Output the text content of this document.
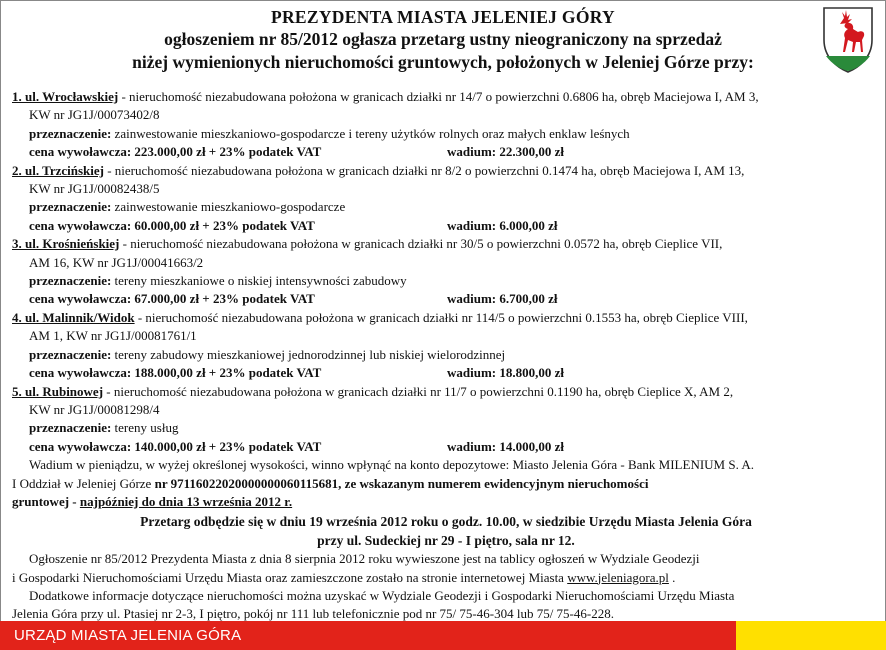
PREZYDENTA MIASTA JELENIEJ GÓRY
ogłoszeniem nr 85/2012 ogłasza przetarg ustny nieograniczony na sprzedaż
niżej wymienionych nieruchomości gruntowych, położonych w Jeleniej Górze przy:
1. ul. Wrocławskiej - nieruchomość niezabudowana położona w granicach działki nr 14/7 o powierzchni 0.6806 ha, obręb Maciejowa I, AM 3,
KW nr JG1J/00073402/8
przeznaczenie: zainwestowanie mieszkaniowo-gospodarcze i tereny użytków rolnych oraz małych enklaw leśnych
cena wywoławcza: 223.000,00 zł + 23% podatek VAT	wadium: 22.300,00 zł
2. ul. Trzcińskiej - nieruchomość niezabudowana położona w granicach działki nr 8/2 o powierzchni 0.1474 ha, obręb Maciejowa I, AM 13,
KW nr JG1J/00082438/5
przeznaczenie: zainwestowanie mieszkaniowo-gospodarcze
cena wywoławcza: 60.000,00 zł + 23% podatek VAT	wadium: 6.000,00 zł
3. ul. Krośnieńskiej - nieruchomość niezabudowana położona w granicach działki nr 30/5 o powierzchni 0.0572 ha, obręb Cieplice VII,
AM 16, KW nr JG1J/00041663/2
przeznaczenie: tereny mieszkaniowe o niskiej intensywności zabudowy
cena wywoławcza: 67.000,00 zł + 23% podatek VAT	wadium: 6.700,00 zł
4. ul. Malinnik/Widok - nieruchomość niezabudowana położona w granicach działki nr 114/5 o powierzchni 0.1553 ha, obręb Cieplice VIII,
AM 1, KW nr JG1J/00081761/1
przeznaczenie: tereny zabudowy mieszkaniowej jednorodzinnej lub niskiej wielorodzinnej
cena wywoławcza: 188.000,00 zł + 23% podatek VAT	wadium: 18.800,00 zł
5. ul. Rubinowej - nieruchomość niezabudowana położona w granicach działki nr 11/7 o powierzchni 0.1190 ha, obręb Cieplice X, AM 2,
KW nr JG1J/00081298/4
przeznaczenie: tereny usług
cena wywoławcza: 140.000,00 zł + 23% podatek VAT	wadium: 14.000,00 zł
Wadium w pieniądzu, w wyżej określonej wysokości, winno wpłynąć na konto depozytowe: Miasto Jelenia Góra - Bank MILENIUM S. A.
I Oddział w Jeleniej Górze nr 97116022020000000060115681, ze wskazanym numerem ewidencyjnym nieruchomości
gruntowej - najpóźniej do dnia 13 września 2012 r.
Przetarg odbędzie się w dniu 19 września 2012 roku o godz. 10.00, w siedzibie Urzędu Miasta Jelenia Góra
przy ul. Sudeckiej nr 29 - I piętro, sala nr 12.
Ogłoszenie nr 85/2012 Prezydenta Miasta z dnia 8 sierpnia 2012 roku wywieszone jest na tablicy ogłoszeń w Wydziale Geodezji
i Gospodarki Nieruchomościami Urzędu Miasta oraz zamieszczone zostało na stronie internetowej Miasta www.jeleniagora.pl .
Dodatkowe informacje dotyczące nieruchomości można uzyskać w Wydziale Geodezji i Gospodarki Nieruchomościami Urzędu Miasta
Jelenia Góra przy ul. Ptasiej nr 2-3, I piętro, pokój nr 111 lub telefonicznie pod nr 75/ 75-46-304 lub 75/ 75-46-228.
URZĄD MIASTA JELENIA GÓRA
